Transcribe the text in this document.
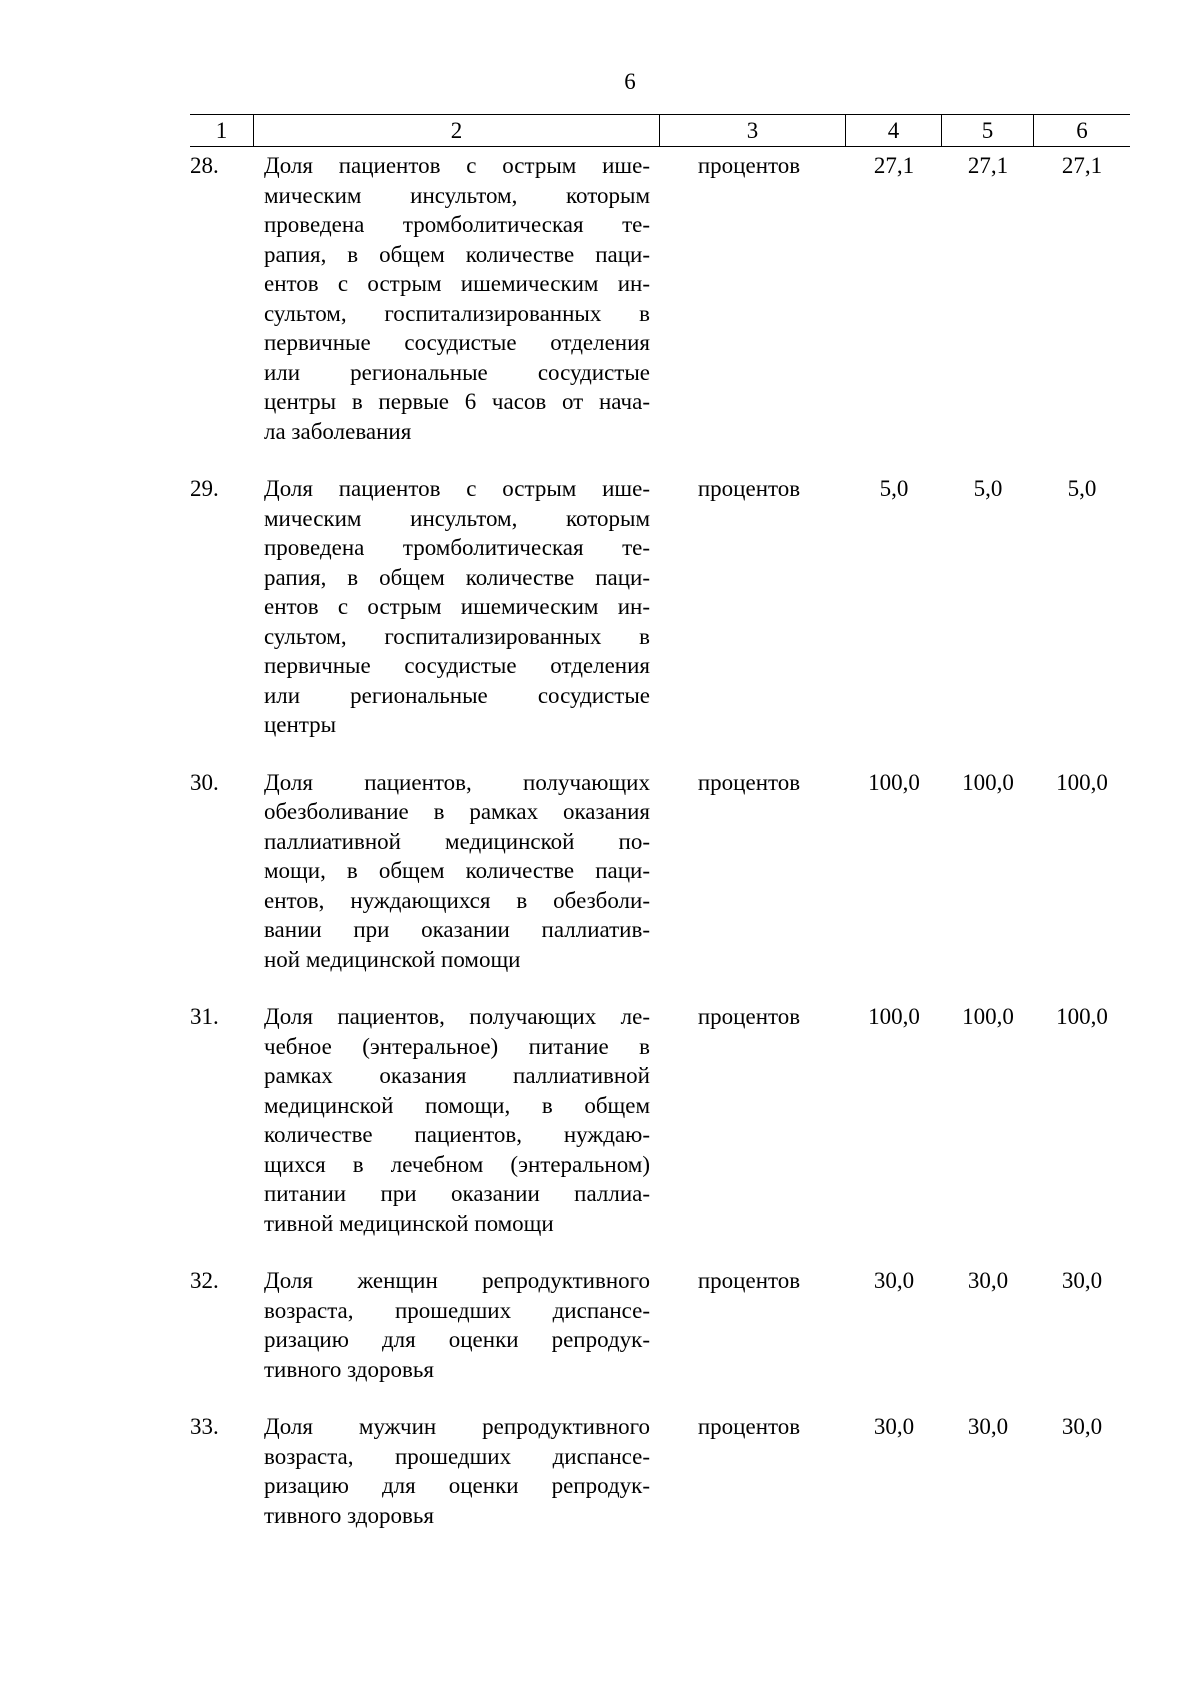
6
1	2	3	4	5	6
28.	Доля пациентов с острым ише-
мическим инсультом, которым
проведена тромболитическая те-
рапия, в общем количестве паци-
ентов с острым ишемическим ин-
сультом, госпитализированных в
первичные сосудистые отделения
или региональные сосудистые
центры в первые 6 часов от нача-
ла заболевания
процентов	27,1	27,1	27,1
29.	Доля пациентов с острым ише-
мическим инсультом, которым
проведена тромболитическая те-
рапия, в общем количестве паци-
ентов с острым ишемическим ин-
сультом, госпитализированных в
первичные сосудистые отделения
или региональные сосудистые
центры
процентов	5,0	5,0	5,0
30.	Доля пациентов, получающих
обезболивание в рамках оказания
паллиативной медицинской по-
мощи, в общем количестве паци-
ентов, нуждающихся в обезболи-
вании при оказании паллиатив-
ной медицинской помощи
процентов	100,0	100,0	100,0
31.	Доля пациентов, получающих ле-
чебное (энтеральное) питание в
рамках оказания паллиативной
медицинской помощи, в общем
количестве пациентов, нуждаю-
щихся в лечебном (энтеральном)
питании при оказании паллиа-
тивной медицинской помощи
процентов	100,0	100,0	100,0
32.	Доля женщин репродуктивного
возраста, прошедших диспансе-
ризацию для оценки репродук-
тивного здоровья
процентов	30,0	30,0	30,0
33.	Доля мужчин репродуктивного
возраста, прошедших диспансе-
ризацию для оценки репродук-
тивного здоровья
процентов	30,0	30,0	30,0
